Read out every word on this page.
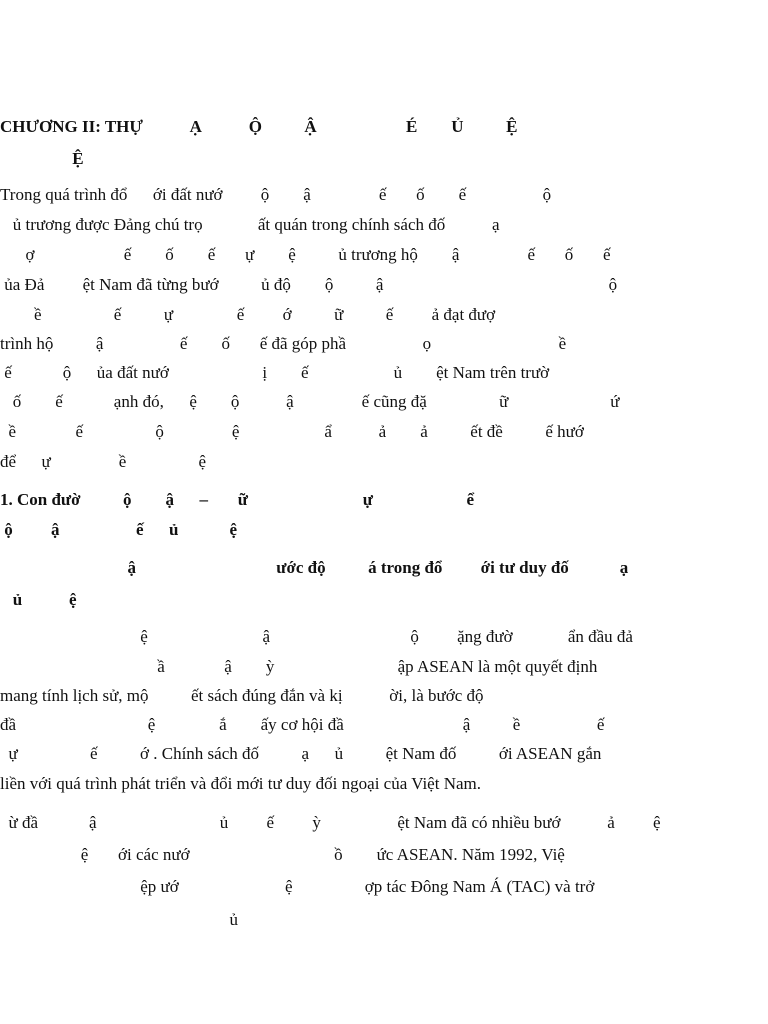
CHƯƠNG II: THỰ           Ạ           Ộ          Ậ                     É        Ủ          Ệ

Ệ

Trong quá trình đổ      ới đất nướ         ộ        ậ                ế       ố        ế                  ộ

ủ trương được Đảng chú trọ             ất quán trong chính sách đố           ạ

ợ                     ế        ố        ế       ự        ệ          ủ trương hộ        ậ                ế       ố       ế

ủa Đả         ệt Nam đã từng bướ          ủ độ        ộ          ậ                                                     ộ

ề                 ế          ự               ế         ớ          ữ          ế         ả đạt đượ

trình hộ          ậ                  ế        ố       ế đã góp phầ                  ọ                              ề

ế            ộ      ủa đất nướ                      ị        ế                    ủ        ệt Nam trên trườ

ố        ế            ạnh đó,      ệ        ộ           ậ                ế cũng đặ                 ữ                        ứ

ề              ế                 ộ                ệ                    ẩ           ả        ả          ết đề          ế hướ

để      ự                ề                 ệ

1. Con đườ          ộ        ậ      –       ữ                           ự                      ể

ộ         ậ                  ế      ủ            ệ

ậ                                 ước độ          á trong đổ         ới tư duy đố            ạ

ủ           ệ

ệ                           ậ                                 ộ         ặng đườ             ẩn đầu đả

ầ              ậ        ỳ                             ập ASEAN là một quyết định

mang tính lịch sử, mộ          ết sách đúng đắn và kị           ời, là bước độ

đầ                               ệ               ắ        ấy cơ hội đầ                            ậ          ề                  ế

ự                 ế          ớ . Chính sách đố          ạ      ủ          ệt Nam đố          ới ASEAN gắn

liền với quá trình phát triển và đổi mới tư duy đối ngoại của Việt Nam.

ừ đầ            ậ                             ủ         ế         ỳ                  ệt Nam đã có nhiều bướ           ả         ệ

ệ       ới các nướ                                  ồ        ức ASEAN. Năm 1992, Việ

ệp ướ                         ệ                 ợp tác Đông Nam Á (TAC) và trở

ủ
